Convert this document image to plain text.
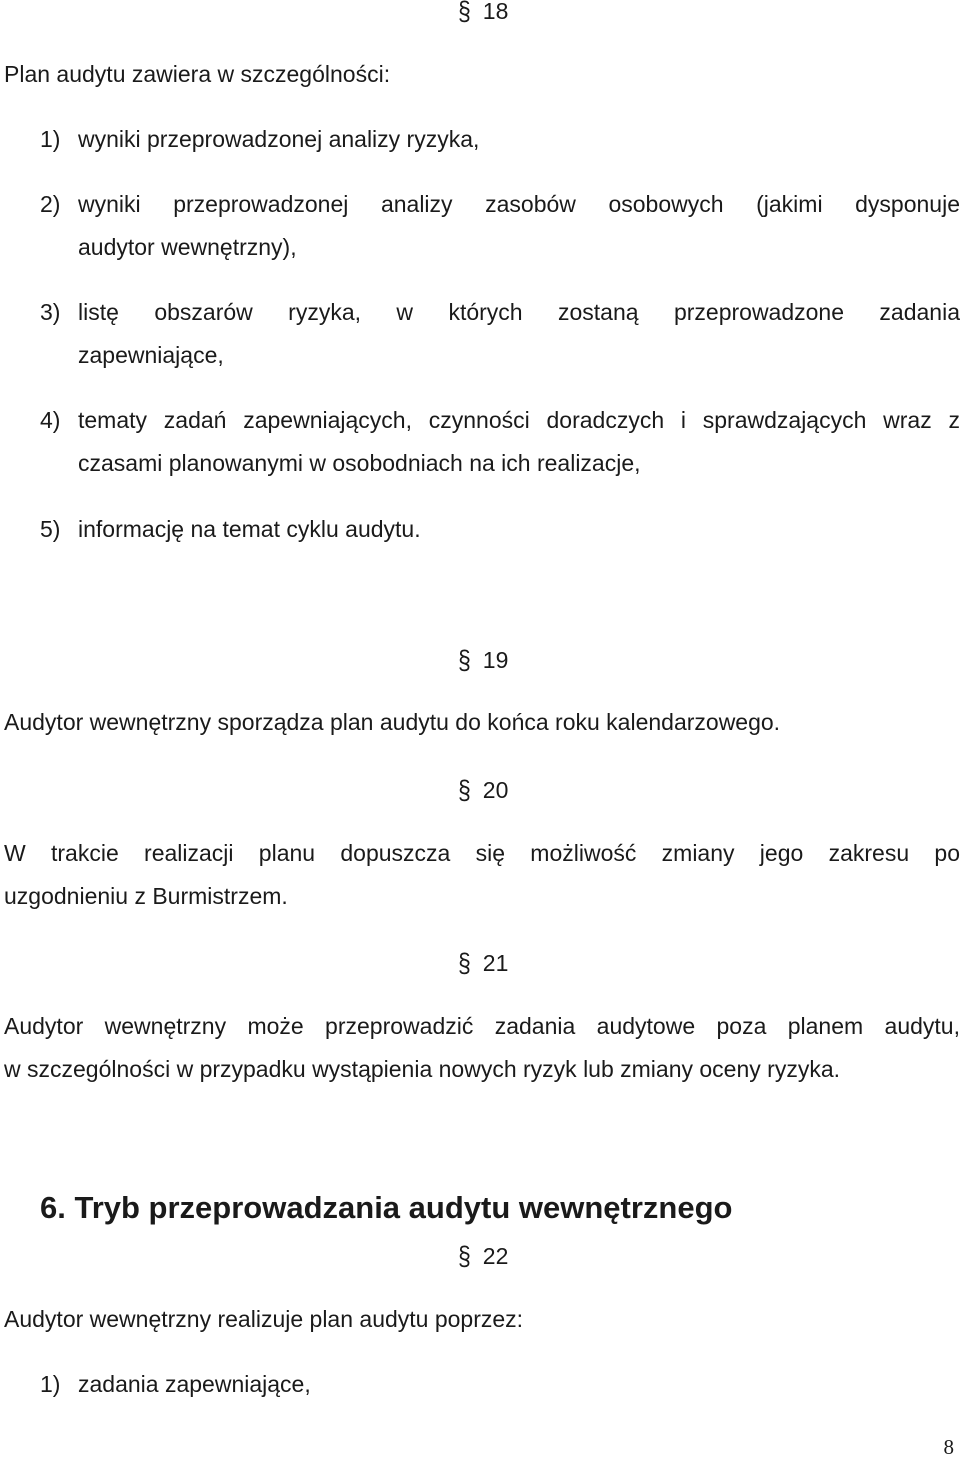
§ 18

Plan audytu zawiera w szczególności:

1) wyniki przeprowadzonej analizy ryzyka,
2) wyniki przeprowadzonej analizy zasobów osobowych (jakimi dysponuje
audytor wewnętrzny),
3) listę obszarów ryzyka, w których zostaną przeprowadzone zadania
zapewniające,
4) tematy zadań zapewniających, czynności doradczych i sprawdzających wraz z
czasami planowanymi w osobodniach na ich realizacje,
5) informację na temat cyklu audytu.
§ 19

Audytor wewnętrzny sporządza plan audytu do końca roku kalendarzowego.

§ 20
W trakcie realizacji planu dopuszcza się możliwość zmiany jego zakresu po
uzgodnieniu z Burmistrzem.
§ 21
Audytor wewnętrzny może przeprowadzić zadania audytowe poza planem audytu,
w szczególności w przypadku wystąpienia nowych ryzyk lub zmiany oceny ryzyka.
6. Tryb przeprowadzania audytu wewnętrznego
§ 22

Audytor wewnętrzny realizuje plan audytu poprzez:

1) zadania zapewniające,
8
